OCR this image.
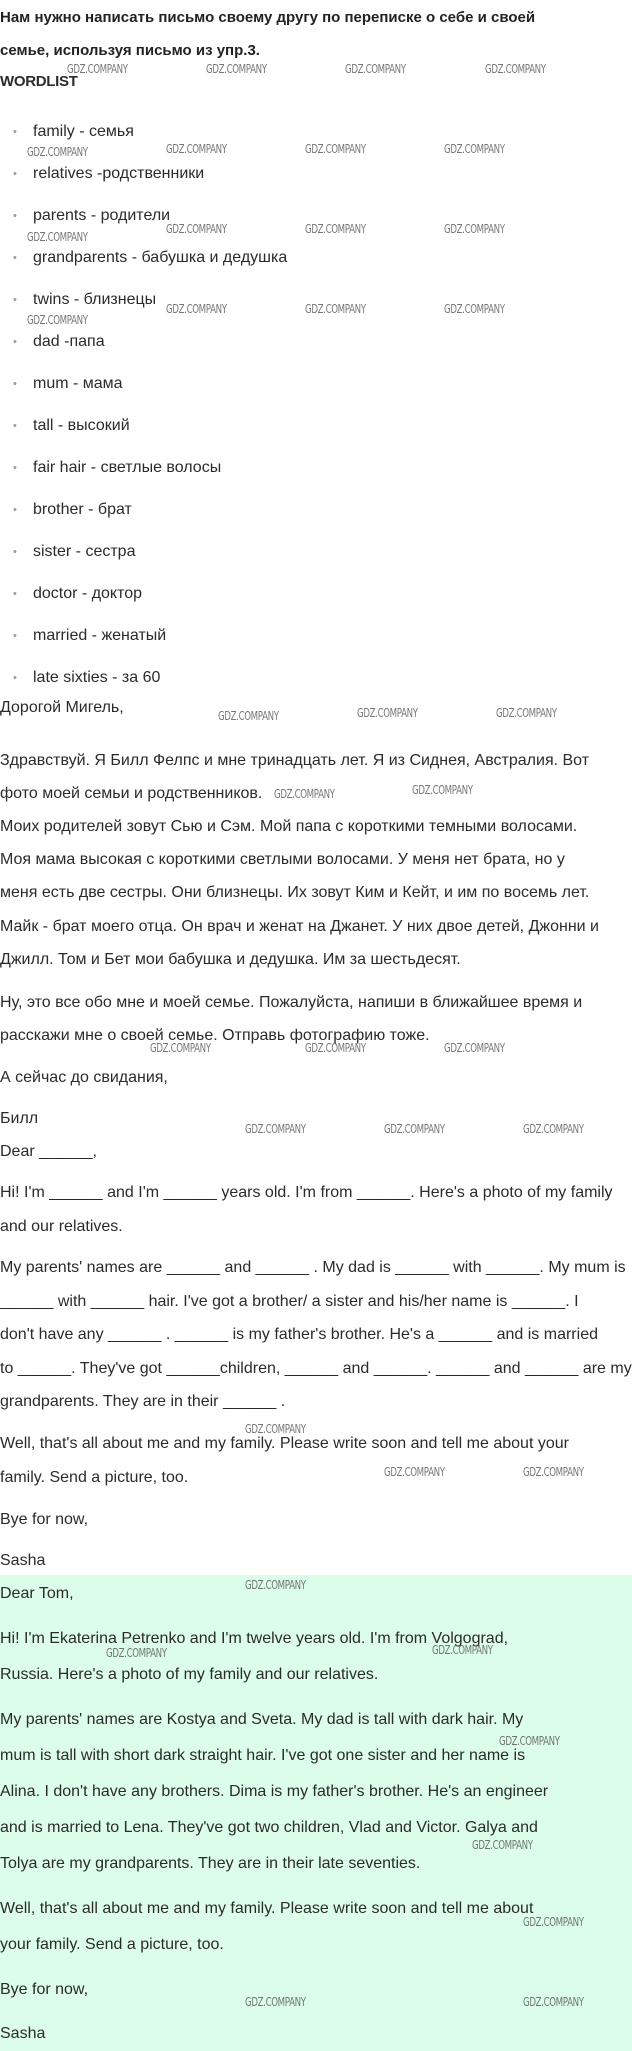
Нам нужно написать письмо своему другу по переписке о себе и своей
семье, используя письмо из упр.3.
WORDLIST
• family - семья
• relatives -родственники
• parents - родители
• grandparents - бабушка и дедушка
• twins - близнецы
• dad -папа
• mum - мама
• tall - высокий
• fair hair - светлые волосы
• brother - брат
• sister - сестра
• doctor - доктор
• married - женатый
• late sixties - за 60
Дорогой Мигель,
Здравствуй. Я Билл Фелпс и мне тринадцать лет. Я из Сиднея, Австралия. Вот
фото моей семьи и родственников.
Моих родителей зовут Сью и Сэм. Мой папа с короткими темными волосами.
Моя мама высокая с короткими светлыми волосами. У меня нет брата, но у
меня есть две сестры. Они близнецы. Их зовут Ким и Кейт, и им по восемь лет.
Майк - брат моего отца. Он врач и женат на Джанет. У них двое детей, Джонни и
Джилл. Том и Бет мои бабушка и дедушка. Им за шестьдесят.
Ну, это все обо мне и моей семье. Пожалуйста, напиши в ближайшее время и
расскажи мне о своей семье. Отправь фотографию тоже.
А сейчас до свидания,
Билл
Dear ______,
Hi! I'm ______ and I'm ______ years old. I'm from ______. Here's a photo of my family
and our relatives.
My parents' names are ______ and ______ . My dad is ______ with ______. My mum is
______ with ______ hair. I've got a brother/ a sister and his/her name is ______. I
don't have any ______ . ______ is my father's brother. He's a ______ and is married
to ______. They've got ______children, ______ and ______. ______ and ______ are my
grandparents. They are in their ______ .
Well, that's all about me and my family. Please write soon and tell me about your
family. Send a picture, too.
Bye for now,
Sasha
Dear Tom,
Hi! I'm Ekaterina Petrenko and I'm twelve years old. I'm from Volgograd,
Russia. Here's a photo of my family and our relatives.
My parents' names are Kostya and Sveta. My dad is tall with dark hair. My
mum is tall with short dark straight hair. I've got one sister and her name is
Alina. I don't have any brothers. Dima is my father's brother. He's an engineer
and is married to Lena. They've got two children, Vlad and Victor. Galya and
Tolya are my grandparents. They are in their late seventies.
Well, that's all about me and my family. Please write soon and tell me about
your family. Send a picture, too.
Bye for now,
Sasha
GDZ.COMPANY	GDZ.COMPANY	GDZ.COMPANY	GDZ.COMPANY
GDZ.COMPANY	GDZ.COMPANY	GDZ.COMPANY	GDZ.COMPANY
GDZ.COMPANY
GDZ.COMPANY	GDZ.COMPANY	GDZ.COMPANY
GDZ.COMPANY
GDZ.COMPANY	GDZ.COMPANY	GDZ.COMPANY
GDZ.COMPANY	GDZ.COMPANY	GDZ.COMPANY
GDZ.COMPANY	GDZ.COMPANY
GDZ.COMPANY	GDZ.COMPANY	GDZ.COMPANY
GDZ.COMPANY	GDZ.COMPANY	GDZ.COMPANY
GDZ.COMPANY
GDZ.COMPANY	GDZ.COMPANY
GDZ.COMPANY
GDZ.COMPANY	GDZ.COMPANY
GDZ.COMPANY
GDZ.COMPANY
GDZ.COMPANY
GDZ.COMPANY	GDZ.COMPANY
